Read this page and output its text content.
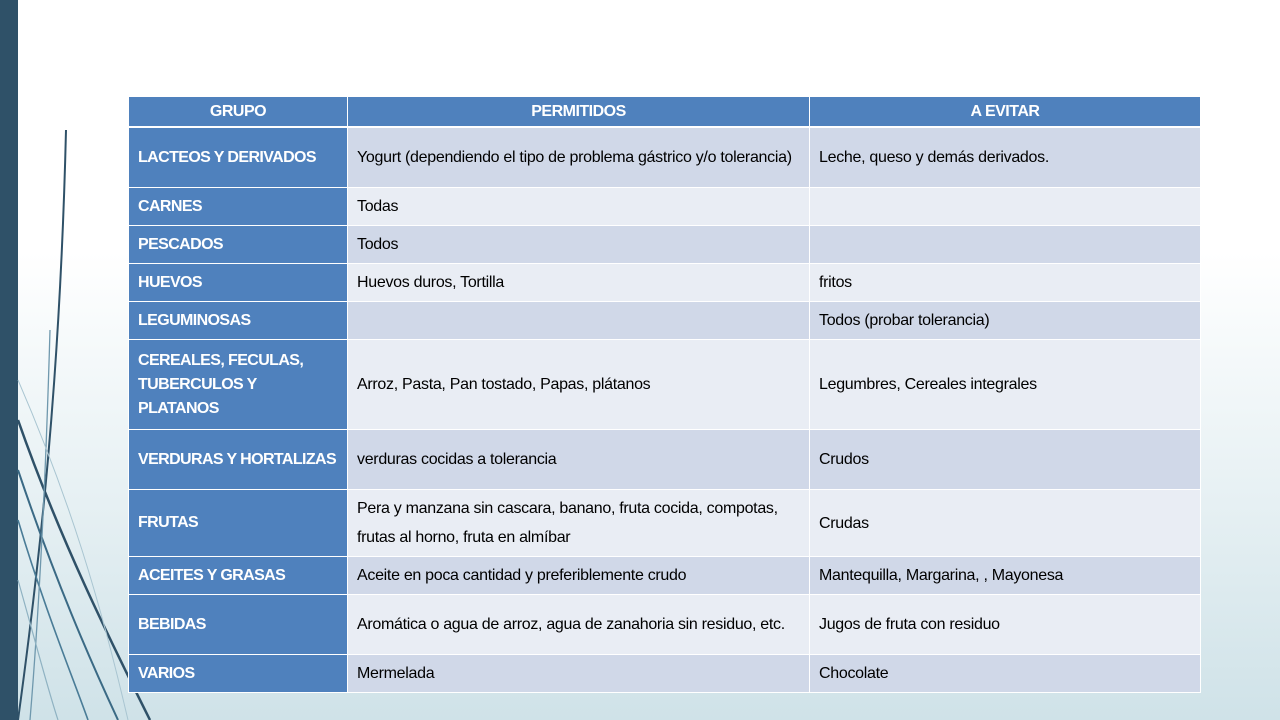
GRUPO	PERMITIDOS	A EVITAR
LACTEOS Y DERIVADOS	Yogurt (dependiendo el tipo de problema gástrico y/o tolerancia)	Leche, queso y demás derivados.
CARNES	Todas	
PESCADOS	Todos	
HUEVOS	Huevos duros, Tortilla	fritos
LEGUMINOSAS		Todos (probar tolerancia)
CEREALES, FECULAS, TUBERCULOS Y PLATANOS	Arroz, Pasta, Pan tostado, Papas, plátanos	Legumbres, Cereales integrales
VERDURAS Y HORTALIZAS	verduras cocidas a tolerancia	Crudos
FRUTAS	Pera y manzana sin cascara, banano, fruta cocida, compotas, frutas al horno, fruta en almíbar	Crudas
ACEITES Y GRASAS	Aceite en poca cantidad y preferiblemente crudo	Mantequilla, Margarina, , Mayonesa
BEBIDAS	Aromática o agua de arroz, agua de zanahoria sin residuo, etc.	Jugos de fruta con residuo
VARIOS	Mermelada	Chocolate
